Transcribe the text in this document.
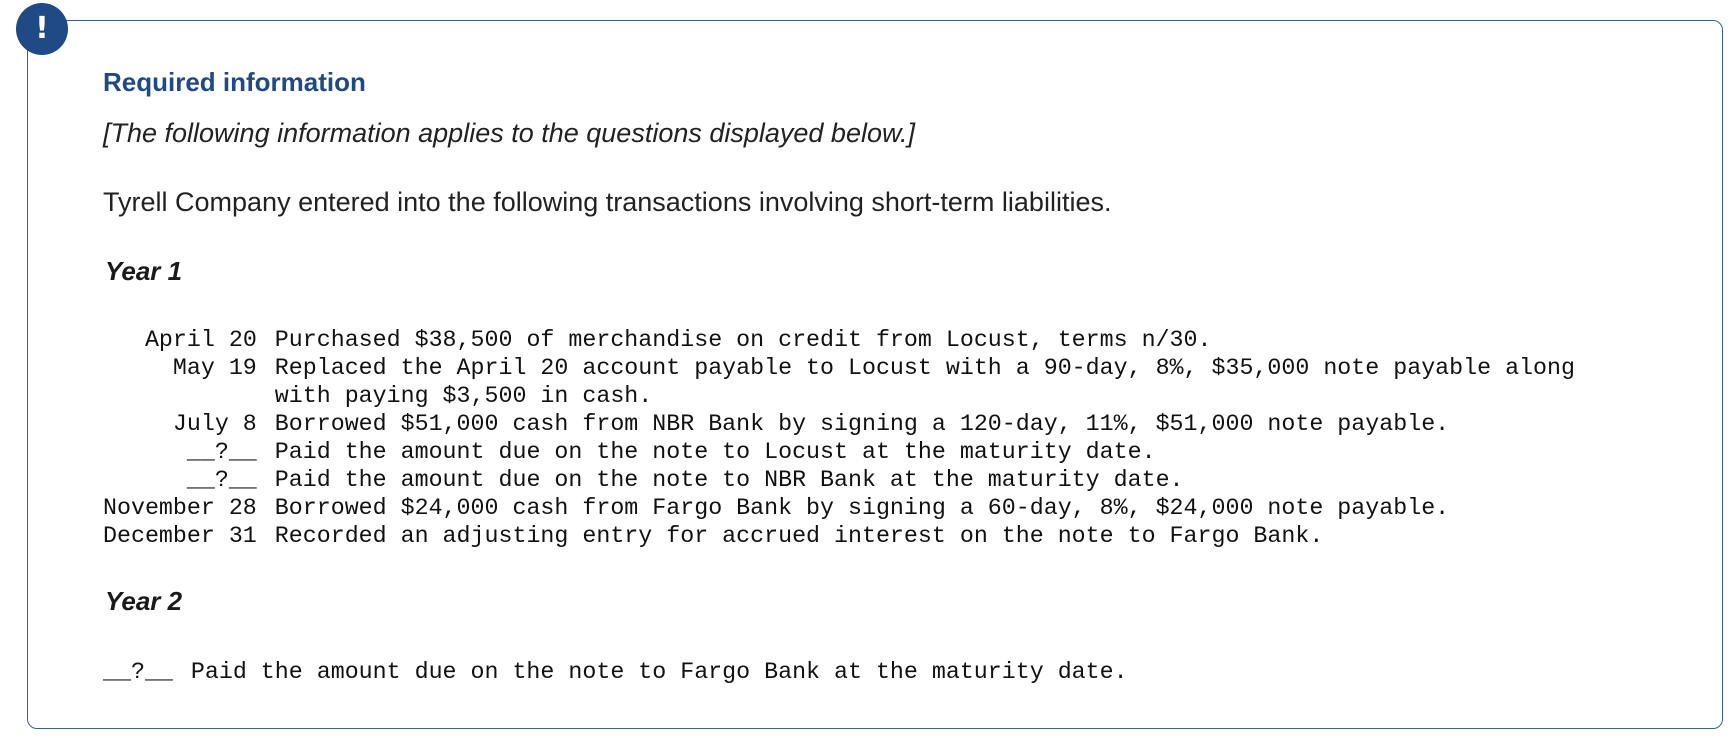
!
Required information
[The following information applies to the questions displayed below.]
Tyrell Company entered into the following transactions involving short-term liabilities.
Year 1
April 20	Purchased $38,500 of merchandise on credit from Locust, terms n/30.
May 19	Replaced the April 20 account payable to Locust with a 90-day, 8%, $35,000 note payable along with paying $3,500 in cash.
July 8	Borrowed $51,000 cash from NBR Bank by signing a 120-day, 11%, $51,000 note payable.
__?__	Paid the amount due on the note to Locust at the maturity date.
__?__	Paid the amount due on the note to NBR Bank at the maturity date.
November 28	Borrowed $24,000 cash from Fargo Bank by signing a 60-day, 8%, $24,000 note payable.
December 31	Recorded an adjusting entry for accrued interest on the note to Fargo Bank.
Year 2
__?__ Paid the amount due on the note to Fargo Bank at the maturity date.
